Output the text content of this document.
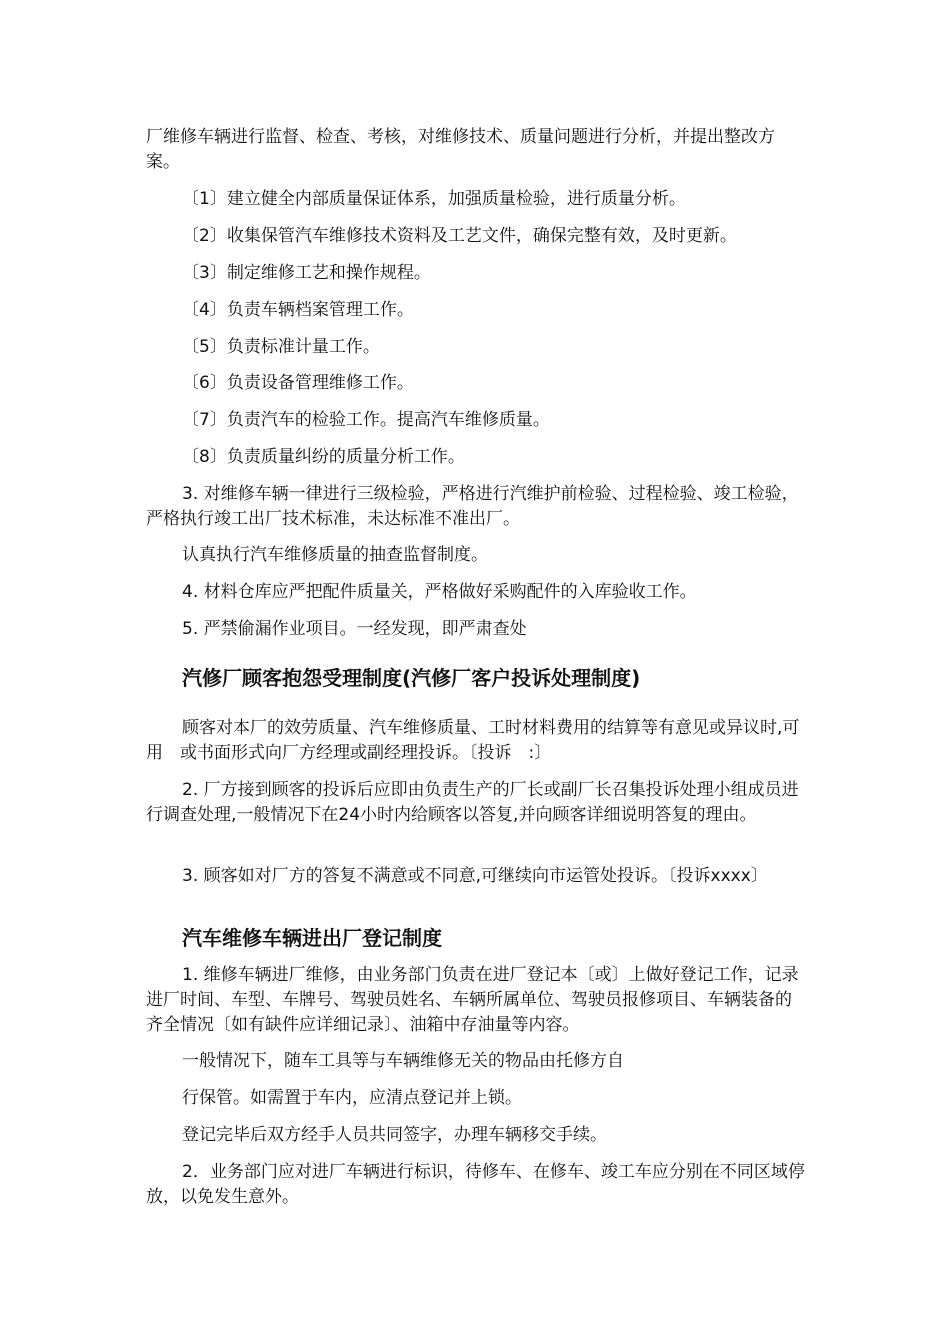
厂维修车辆进行监督、检查、考核，对维修技术、质量问题进行分析，并提出整改方案。

〔1〕建立健全内部质量保证体系，加强质量检验，进行质量分析。

〔2〕收集保管汽车维修技术资料及工艺文件，确保完整有效，及时更新。

〔3〕制定维修工艺和操作规程。

〔4〕负责车辆档案管理工作。

〔5〕负责标准计量工作。

〔6〕负责设备管理维修工作。

〔7〕负责汽车的检验工作。提高汽车维修质量。

〔8〕负责质量纠纷的质量分析工作。

3. 对维修车辆一律进行三级检验，严格进行汽维护前检验、过程检验、竣工检验，严格执行竣工出厂技术标准，未达标准不准出厂。

认真执行汽车维修质量的抽查监督制度。

4. 材料仓库应严把配件质量关，严格做好采购配件的入库验收工作。

5. 严禁偷漏作业项目。一经发现，即严肃查处

汽修厂顾客抱怨受理制度(汽修厂客户投诉处理制度)

顾客对本厂的效劳质量、汽车维修质量、工时材料费用的结算等有意见或异议时,可用　或书面形式向厂方经理或副经理投诉。〔投诉　:〕

2. 厂方接到顾客的投诉后应即由负责生产的厂长或副厂长召集投诉处理小组成员进行调查处理,一般情况下在24小时内给顾客以答复,并向顾客详细说明答复的理由。

3. 顾客如对厂方的答复不满意或不同意,可继续向市运管处投诉。〔投诉xxxx〕

汽车维修车辆进出厂登记制度

1. 维修车辆进厂维修，由业务部门负责在进厂登记本〔或〕上做好登记工作，记录进厂时间、车型、车牌号、驾驶员姓名、车辆所属单位、驾驶员报修项目、车辆装备的齐全情况〔如有缺件应详细记录〕、油箱中存油量等内容。

一般情况下，随车工具等与车辆维修无关的物品由托修方自

行保管。如需置于车内，应清点登记并上锁。

登记完毕后双方经手人员共同签字，办理车辆移交手续。

2．业务部门应对进厂车辆进行标识，待修车、在修车、竣工车应分别在不同区域停放，以免发生意外。
